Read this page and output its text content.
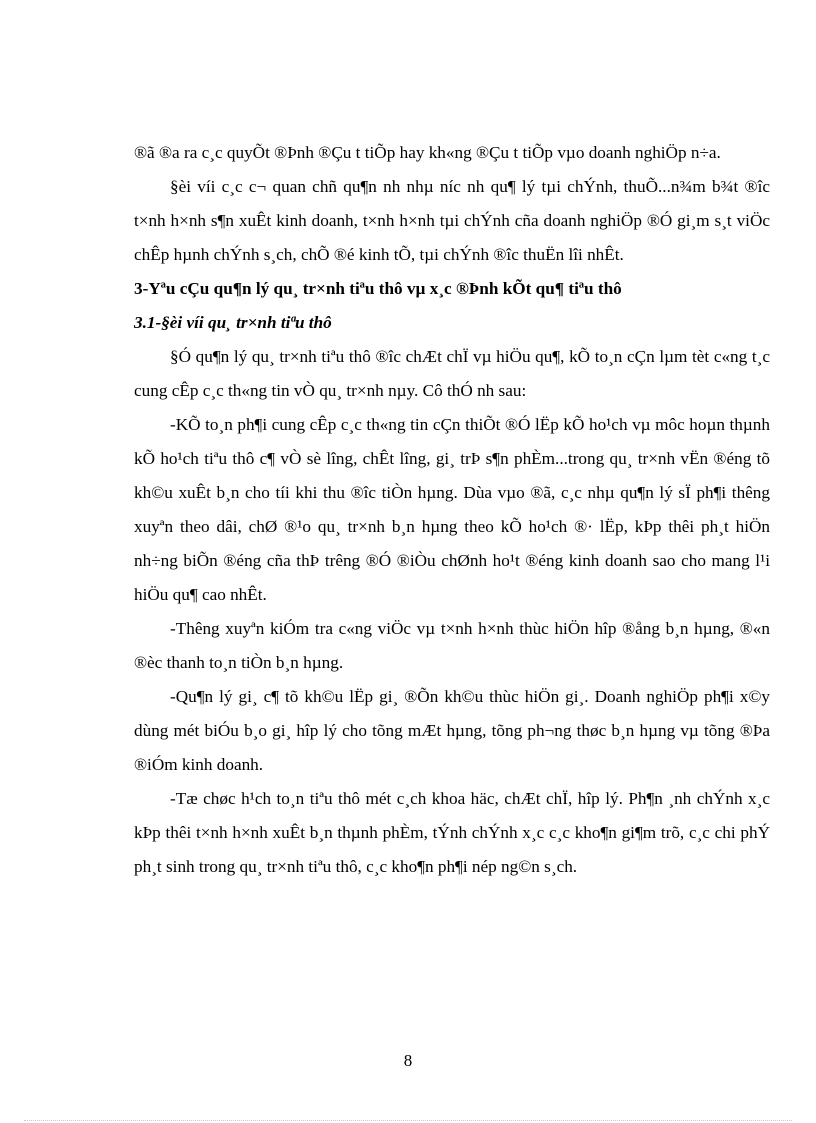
®ã ®a ra c¸c quyÕt ®Þnh ®Çu t tiÕp hay kh«ng ®Çu t tiÕp vµo doanh nghiÖp n÷a.

§èi víi c¸c c¬ quan chñ qu¶n nh nhµ níc nh qu¶ lý tµi chÝnh, thuÕ...n¾m b¾t ®îc t×nh h×nh s¶n xuÊt kinh doanh, t×nh h×nh tµi chÝnh cña doanh nghiÖp ®Ó gi¸m s¸t viÖc chÊp hµnh chÝnh s¸ch, chÕ ®é kinh tÕ, tµi chÝnh ®îc thuËn lîi nhÊt.

3-Yªu cÇu qu¶n lý qu¸ tr×nh tiªu thô vµ x¸c ®Þnh kÕt qu¶ tiªu thô

3.1-§èi víi qu¸ tr×nh tiªu thô

§Ó qu¶n lý qu¸ tr×nh tiªu thô ®îc chÆt chÏ vµ hiÖu qu¶, kÕ to¸n cÇn lµm tèt c«ng t¸c cung cÊp c¸c th«ng tin vÒ qu¸ tr×nh nµy. Cô thÓ nh sau:

-KÕ to¸n ph¶i cung cÊp c¸c th«ng tin cÇn thiÕt ®Ó lËp kÕ ho¹ch vµ môc hoµn thµnh kÕ ho¹ch tiªu thô c¶ vÒ sè lîng, chÊt lîng, gi¸ trÞ s¶n phÈm...trong qu¸ tr×nh vËn ®éng tõ kh©u xuÊt b¸n cho tíi khi thu ®îc tiÒn hµng. Dùa vµo ®ã, c¸c nhµ qu¶n lý sÏ ph¶i thêng xuyªn theo dâi, chØ ®¹o qu¸ tr×nh b¸n hµng theo kÕ ho¹ch ®· lËp, kÞp thêi ph¸t hiÖn nh÷ng biÕn ®éng cña thÞ trêng ®Ó ®iÒu chØnh ho¹t ®éng kinh doanh sao cho mang l¹i hiÖu qu¶ cao nhÊt.

-Thêng xuyªn kiÓm tra c«ng viÖc vµ t×nh h×nh thùc hiÖn hîp ®ång b¸n hµng, ®«n ®èc thanh to¸n tiÒn b¸n hµng.

-Qu¶n lý gi¸ c¶ tõ kh©u lËp gi¸ ®Õn kh©u thùc hiÖn gi¸. Doanh nghiÖp ph¶i x©y dùng mét biÓu b¸o gi¸ hîp lý cho tõng mÆt hµng, tõng ph¬ng thøc b¸n hµng vµ tõng ®Þa ®iÓm kinh doanh.

-Tæ chøc h¹ch to¸n tiªu thô mét c¸ch khoa häc, chÆt chÏ, hîp lý. Ph¶n ¸nh chÝnh x¸c kÞp thêi t×nh h×nh xuÊt b¸n thµnh phÈm, tÝnh chÝnh x¸c c¸c kho¶n gi¶m trõ, c¸c chi phÝ ph¸t sinh trong qu¸ tr×nh tiªu thô, c¸c kho¶n ph¶i nép ng©n s¸ch.

8
